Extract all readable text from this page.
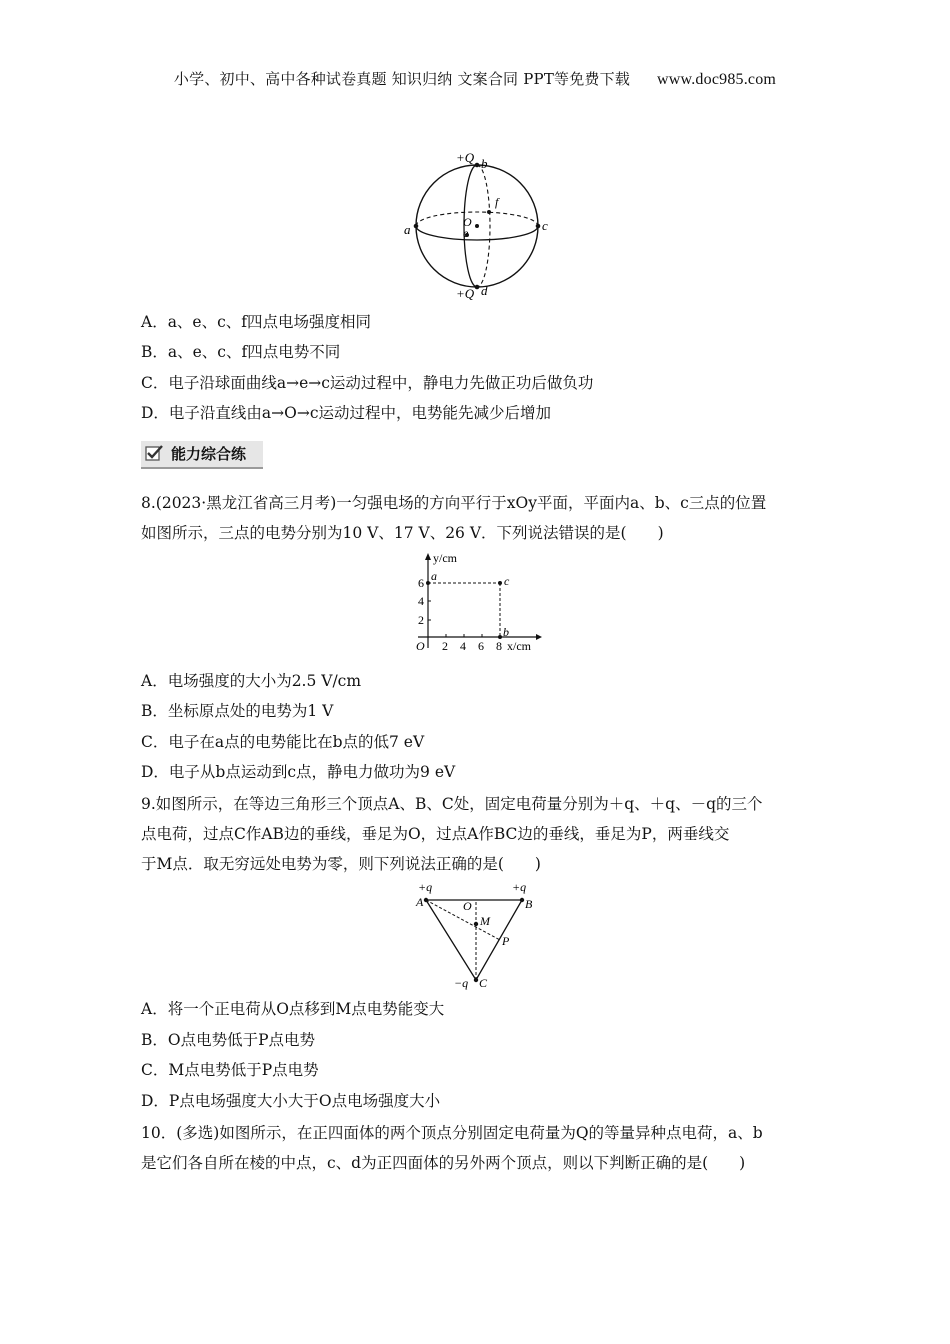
小学、初中、高中各种试卷真题 知识归纳 文案合同 PPT等免费下载 www.doc985.com
+Q b
+Q d
a	c
O
e
f
A．a、e、c、f四点电场强度相同
B．a、e、c、f四点电势不同
C．电子沿球面曲线a→e→c运动过程中，静电力先做正功后做负功
D．电子沿直线由a→O→c运动过程中，电势能先减少后增加
能力综合练
8.(2023·黑龙江省高三月考)一匀强电场的方向平行于xOy平面，平面内a、b、c三点的位置
如图所示，三点的电势分别为10 V、17 V、26 V．下列说法错误的是(　　)
y/cm
x/cm
O
2
4
6
2 4 6 8
a	c
b
A．电场强度的大小为2.5 V/cm
B．坐标原点处的电势为1 V
C．电子在a点的电势能比在b点的低7 eV
D．电子从b点运动到c点，静电力做功为9 eV
9.如图所示，在等边三角形三个顶点A、B、C处，固定电荷量分别为＋q、＋q、－q的三个
点电荷，过点C作AB边的垂线，垂足为O，过点A作BC边的垂线，垂足为P，两垂线交
于M点．取无穷远处电势为零，则下列说法正确的是(　　)
+q	+q
−q
A	B
C
O
M
P
A．将一个正电荷从O点移到M点电势能变大
B．O点电势低于P点电势
C．M点电势低于P点电势
D．P点电场强度大小大于O点电场强度大小
10．(多选)如图所示，在正四面体的两个顶点分别固定电荷量为Q的等量异种点电荷，a、b
是它们各自所在棱的中点，c、d为正四面体的另外两个顶点，则以下判断正确的是(　　)
